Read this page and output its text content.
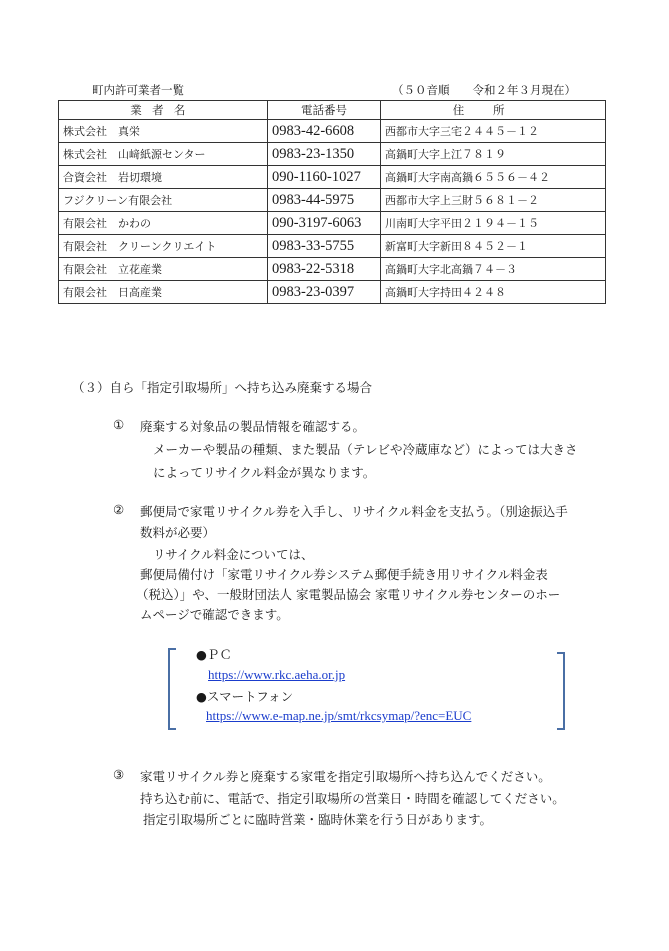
町内許可業者一覧	（５０音順　　令和２年３月現在）
業者名	電話番号	住所
株式会社　真栄	0983-42-6608	西都市大字三宅２４４５－１２
株式会社　山﨑紙源センター	0983-23-1350	高鍋町大字上江７８１９
合資会社　岩切環境	090-1160-1027	高鍋町大字南高鍋６５５６－４２
フジクリーン有限会社	0983-44-5975	西都市大字上三財５６８１－２
有限会社　かわの	090-3197-6063	川南町大字平田２１９４－１５
有限会社　クリーンクリエイト	0983-33-5755	新富町大字新田８４５２－１
有限会社　立花産業	0983-22-5318	高鍋町大字北高鍋７４－３
有限会社　日高産業	0983-23-0397	高鍋町大字持田４２４８
（３）自ら「指定引取場所」へ持ち込み廃棄する場合
① 廃棄する対象品の製品情報を確認する。
メーカーや製品の種類、また製品（テレビや冷蔵庫など）によっては大きさ
によってリサイクル料金が異なります。
② 郵便局で家電リサイクル券を入手し、リサイクル料金を支払う。（別途振込手
数料が必要）
リサイクル料金については、
郵便局備付け「家電リサイクル券システム郵便手続き用リサイクル料金表
（税込）」や、一般財団法人 家電製品協会 家電リサイクル券センターのホー
ムページで確認できます。
●ＰＣ
https://www.rkc.aeha.or.jp
●スマートフォン
https://www.e-map.ne.jp/smt/rkcsymap/?enc=EUC
③ 家電リサイクル券と廃棄する家電を指定引取場所へ持ち込んでください。
持ち込む前に、電話で、指定引取場所の営業日・時間を確認してください。
指定引取場所ごとに臨時営業・臨時休業を行う日があります。
